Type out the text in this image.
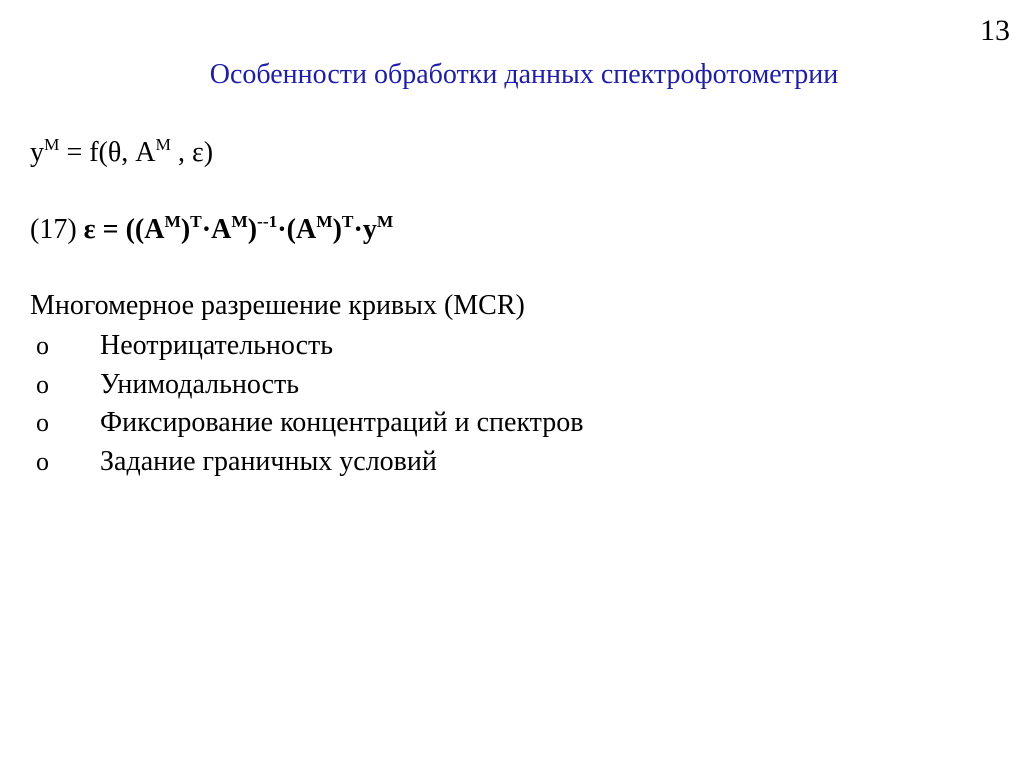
13
Особенности обработки данных спектрофотометрии
$y^M = f(\theta$, $A^M$ , ε)
(17) $\varepsilon = ((A^M)^T\cdot A^M)^{--1}\cdot(A^M)^T\cdot y^M$
Многомерное разрешение кривых (MCR)
o	Неотрицательность
o	Унимодальность
o	Фиксирование концентраций и спектров
o	Задание граничных условий
